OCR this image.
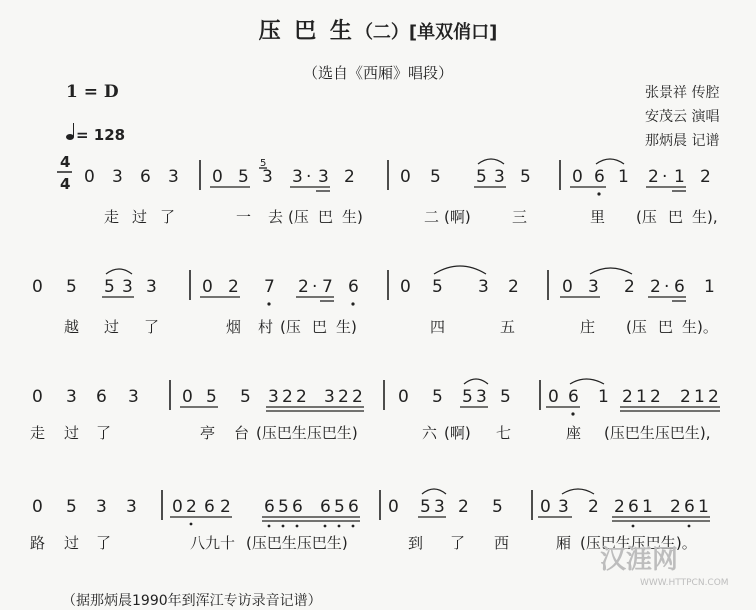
压 巴 生（二）[单双俏口]
（选自《西厢》唱段）
1 = D
= 128
张景祥 传腔
安茂云 演唱
那炳晨 记谱
4
4 0 3 6 3 0 5
5
3 3 · 3 2	0 5 5 3 5 0 6 1 2 · 1 2
走 过 了	一 去 (压 巴 生)	二 (啊)	三	里 (压 巴 生),
0 5 5 3 3	0 2 7 2 · 7 6 0 5 3 2	0 3 2 2 · 6 1
越 过 了	烟 村 (压 巴 生)	四	五	庄 (压 巴 生)。
0 3 6 3	0 5 5 3 2 2 3 2 2 0 5 5 3 5 0 6 1 2 1 2 2 1 2
走 过 了	亭 台 (压巴生压巴生)	六 (啊) 七	座 (压巴生压巴生),
0 5 3 3 0 2 6 2 6 5 6 6 5 6 0 5 3 2 5 0 3 2 2 6 1 2 6 1
路 过 了	八九十 (压巴生压巴生)	到 了 西	厢 (压巴生压巴生)。
汉涯网
WWW.HTTPCN.COM
（据那炳晨1990年到浑江专访录音记谱）
